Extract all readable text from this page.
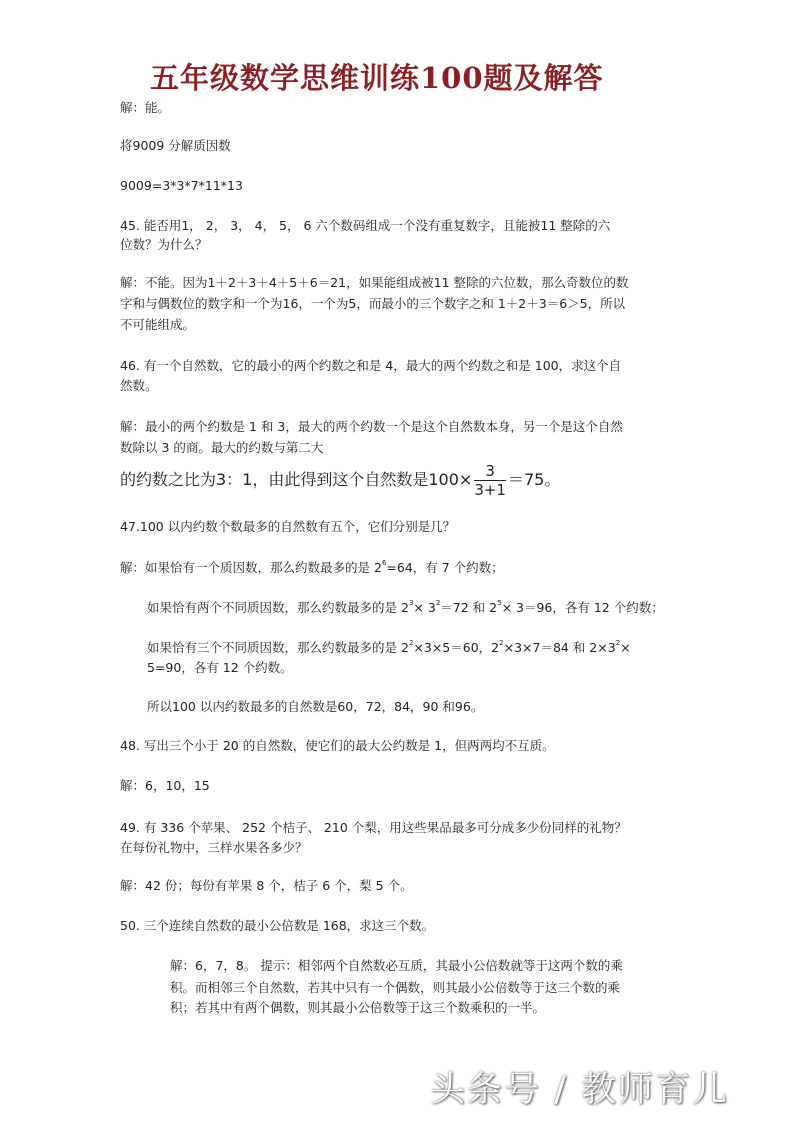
五年级数学思维训练100题及解答
解：能。
将9009 分解质因数
9009=3*3*7*11*13
45. 能否用1， 2， 3， 4， 5， 6 六个数码组成一个没有重复数字，且能被11 整除的六
位数？为什么？
解：不能。因为1＋2＋3＋4＋5＋6＝21，如果能组成被11 整除的六位数，那么奇数位的数
字和与偶数位的数字和一个为16，一个为5，而最小的三个数字之和 1＋2＋3＝6＞5，所以
不可能组成。
46. 有一个自然数，它的最小的两个约数之和是 4，最大的两个约数之和是 100，求这个自
然数。
解：最小的两个约数是 1 和 3，最大的两个约数一个是这个自然数本身，另一个是这个自然
数除以 3 的商。最大的约数与第二大
的约数之比为3：1，由此得到这个自然数是$100\times \frac{3}{3+1} =75$。
47.100 以内约数个数最多的自然数有五个，它们分别是几？
解：如果恰有一个质因数，那么约数最多的是 $2^6=64$，有 7 个约数；
如果恰有两个不同质因数，那么约数最多的是 $2^3\times 3^2=72$ 和 $2^5\times 3=96$，各有 12 个约数；
如果恰有三个不同质因数，那么约数最多的是 $2^2\times 3\times 5=60$，$2^2\times 3\times 7=84$ 和 $2\times 3^2\times$
5=90，各有 12 个约数。
所以100 以内约数最多的自然数是60，72，84，90 和96。
48. 写出三个小于 20 的自然数，使它们的最大公约数是 1，但两两均不互质。
解：6，10，15
49. 有 336 个苹果、 252 个桔子、 210 个梨，用这些果品最多可分成多少份同样的礼物？
在每份礼物中，三样水果各多少？
解：42 份；每份有苹果 8 个，桔子 6 个，梨 5 个。
50. 三个连续自然数的最小公倍数是 168，求这三个数。
解：6，7，8。 提示：相邻两个自然数必互质，其最小公倍数就等于这两个数的乘
积。而相邻三个自然数，若其中只有一个偶数，则其最小公倍数等于这三个数的乘
积；若其中有两个偶数，则其最小公倍数等于这三个数乘积的一半。
头条号 / 教师育儿
